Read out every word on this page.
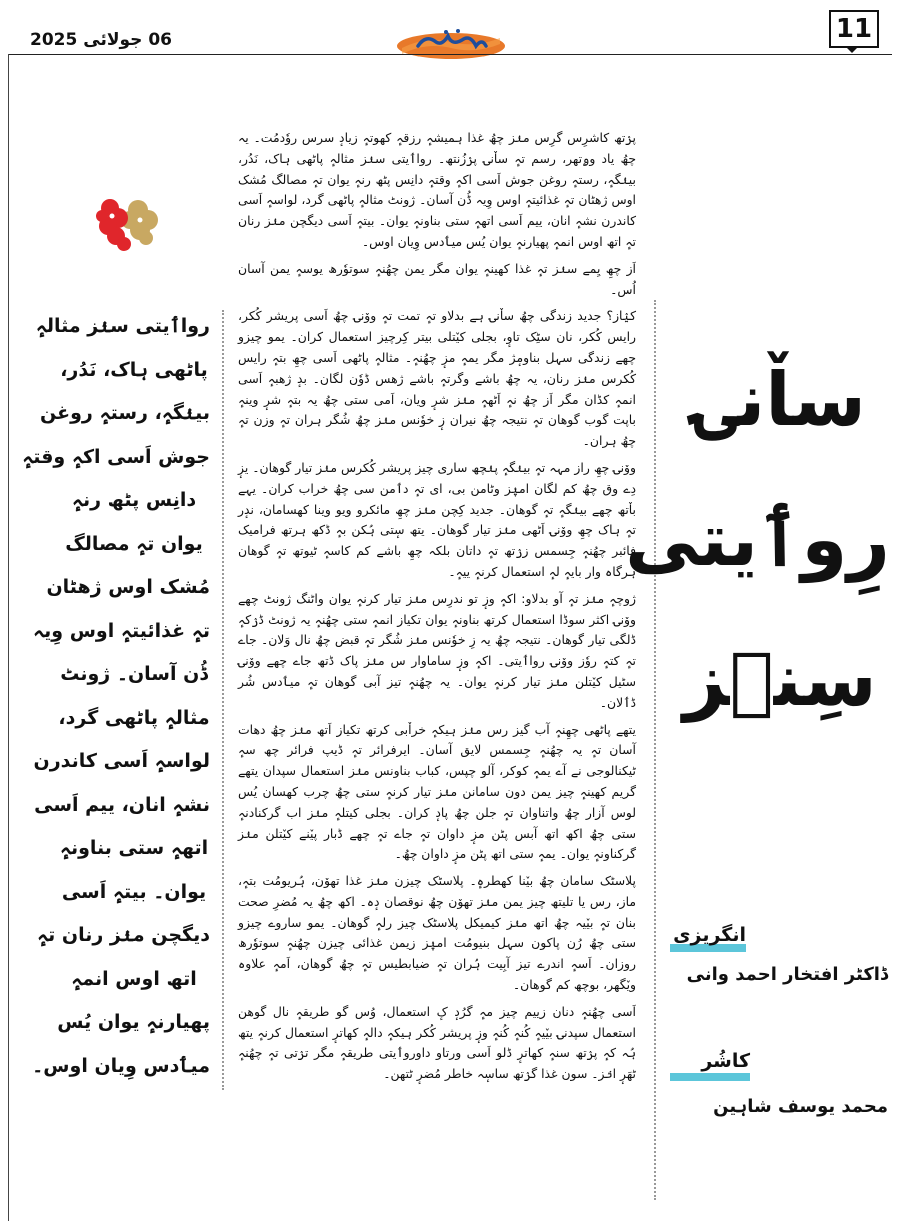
06 جولائی 2025	11
روا‎ٲیتی سنٛز مثالہٕ
پاٹھی ہاک، نَدُر،
بینٛگہٕ، رستہٕ روغن
جوش اَسی اکہٕ وقتہٕ
دانِس پٹھ رنہٕ
یوان تہٕ مصالگ
مُشک اوس ژھٹان
تہٕ غذائیتہٕ اوس وِیہ
ڈُن آسان۔ ژونٹ
مثالہٕ پاٹھی گرد،
لواسہٕ اَسی کاندرن
نشہٕ انان، ییم اَسی
اتھہٕ ستی بناونہٕ
یوان۔ بیتہٕ اَسی
دیگچن منٛز رنان تہٕ
اتھ اوس انمہٕ
پھیارنہٕ یوان یُس
میٲدس وِیان اوس۔

پرٛتھ کاشرِس گرِس منٛز چھُ غذا ہمیشہٕ رزقہٕ کھوتہٕ زیادٕ سرس روٗدمُت۔ یہ چھُ یاد وۄتھر، رسم تہٕ ساٚنۍ پرٛزُنتھ۔ روا‎ٲیتی سنٛز مثالہٕ پاٹھی ہاک، نَدُر، بینٛگہٕ، رستہٕ روغن جوش اَسی اکہٕ وقتہٕ دانِس پٹھ رنہٕ یوان تہٕ مصالگ مُشک اوس ژھٹان تہٕ غذائیتہٕ اوس وِیہ ڈُن آسان۔ ژونٹ مثالہٕ پاٹھی گرد، لواسہٕ اَسی کاندرن نشہٕ انان، ییم اَسی اتھہٕ ستی بناونہٕ یوان۔ بیتہٕ اَسی دیگچن منٛز رنان تہٕ اتھ اوس انمہٕ پھیارنہٕ یوان یُس میٲدس وِیان اوس۔

اَز چھِ یِمے سنٛز تہٕ غذا کھینہٕ یوان مگر یمن چھُنہٕ سوتوٗرھ یوسہٕ یمن آسان اُس۔

کیٛاز؟ جدید زندگی چھُ ساٚنۍ ہے بدلاو تہٕ تمت تہٕ ووٚنۍ چھُ اَسی پریشر کُکر، رایس کُکر، نان سٹِک تاوٕ، بجلی کیٚتلی بیتر کِرچیز استعمال کران۔ یمو چیزو چھے زندگی سہل بناومٕژ مگر یمہٕ مزٕ چھُنہٕ۔ مثالہٕ پاٹھی اَسی چھِ بتہٕ رایس کُکرس منٛز رنان، یہ چھُ باشے وگرتہٕ باشے ژھس ڈوٗن لگان۔ بدٕ ژھبہٕ اَسی انمہٕ کڈان مگر اَز چھُ نہٕ اَٹھہٕ منٛز شرٕ ویان، اَمی ستی چھُ یہ بتہٕ شرٕ وینہٕ باپت گوب گوھان تہٕ نتیجہ چھُ نیران زٕ خوٗنس منٛز چھُ شُگر ہران تہٕ وزن تہٕ چھُ ہران۔

ووٚنۍ چھِ راز مہہ تہٕ بینٛگہٕ پنٛچھ ساری چیز پریشر کُکرس منٛز تیار گوھان۔ یزٕ دِے وق چھُ کم لگان امپٛز وٹامن بی، ای تہٕ دٲمن سی چھُ خراب کران۔ یہے باٚتھ چھے بینٛگہٕ تہٕ گوھان۔ جدید کِچن منٛز چھِ مائکرو ویو وینا کھسامان، ندٕر تہٕ ہاک چھِ ووٚنۍ اَٹھی منٛز تیار گوھان۔ یتھ سٕتی ہُکن بہٕ ڈکھ ہرتھ فرامیک فائبر چھُنہٕ جِسمس زرٛتھ تہٕ داتان بلکہ چھِ باشے کم کاسہٕ ٹیوتھ تہٕ گوھان ہرگاہ وار بایہٕ لہٕ استعمال کرنہٕ ییہٕ۔

ژوچہٕ منٛز تہٕ آو بدلاو: اکہٕ وزٕ تو ندرِس منٛز تیار کرنہٕ یوان واٹنگ ژونٹ چھے ووٚنۍ اکثر سوڈا استعمال کرتھ بناونہٕ یوان تکیاز انمہٕ ستی چھُنہٕ یہ ژونٹ ڈرٛکہٕ ڈلگی تیار گوھان۔ نتیجہ چھُ یہ زِ خوٗنس منٛز شُگر تہٕ قبض چھُ نال وَلان۔ جاے تہٕ کتہٕ روٗز ووٚنۍ روا‎ٲیتی۔ اکہٕ وزٕ ساماوار س منٛز پاک ڈتھ جاے چھے ووٚنۍ سٹیل کیٚتلن منٛز تیار کرنہٕ یوان۔ یہ چھُنہٕ تیز آبی گوھان تہٕ میٲدس شُر ڈٲلان۔

یتھے پاٹھی چھِنہٕ آب گیز رس منٛز ہیکہٕ خراٚبی کرتھ تکیاز اَتھ منٛز چھُ دھات آسان تہٕ یہ چھُنہٕ جِسمس لایق آسان۔ ایرفرائر تہٕ ڈیپ فرائر چھ سہٕ ٹیکنالوجی نے آے یمہٕ کوکر، آلو چپس، کباب بناونس منٛز استعمال سپدان یتھے گریم کھینہٕ چیز یمن دون سامانن منٛز تیار کرنہٕ ستی چھُ چرب کھسان یُس لوس آزار چھُ واتناوان تہٕ جلن چھُ پادٕ کران۔ بجلی کیتلہٕ منٛز اب گرکنادنہٕ ستی چھُ اکھ اتھ آبس پٹن مزٕ داوان تہٕ جاے تہٕ چھے ڈبار پیٚنے کیٚتلن منٛز گرکناونہٕ یوان۔ یمہٕ ستی اتھ پٹن مزٕ داوان چھُ۔

پلاسٹک سامان چھُ بیٚنا کھطرہٕ۔ پلاسٹک چیزن منٛز غذا تھوٚن، ہُریومُت بتہٕ، ماز، رس یا تلیتھ چیز یمن منٛز تھوٚن چھُ نوقصان دٕہ۔ اکھ چھُ یہ مُضرِ صحت بنان تہٕ بیٚیہ چھُ اتھ منٛز کیمیکل پلاسٹک چیز رلہٕ گوھان۔ یمو ساروے چیزو ستی چھُ رُن پاکون سہل بنیومُت امپٛز زیمن غذائی چیزن چھُنہٕ سوتوٗرھ روزان۔ اَسہٕ اندرے تیز آبِیت ہُران تہٕ ضیابطیس تہٕ چھُ گوھان، اَمہٕ علاوہ ویٚگھر، بوچھ کم گوھان۔

اَسی چھُنہٕ دنان زییم چیز مہٕ گرُدٕ کٕ استعمال، وُس گو طریقہٕ نال گوھن استعمال سپدنۍ بیٚیہٕ کُنہٕ کُنہٕ وزٕ پریشر کُکر ہیکہٕ دالہٕ کھاترٕ استعمال کرنہٕ یتھ ہُہ کہٕ پرٛتھ سنہٕ کھاترٕ ڈلو اَسی ورتاو داورو‎ٲیتی طریقہٕ مگر ترٛتی تہٕ چھُنہٕ ٹھَرٕ انٛز۔ سون غذا گرٛتھ ساسٕہ خاطر مُضرٕ ٹتھن۔

ساٚنۍ
رِوٲیتی
سِنٛز
انگریزی
ڈاکٹر افتخار احمد وانی
کاشُر
محمد یوسف شاہین
